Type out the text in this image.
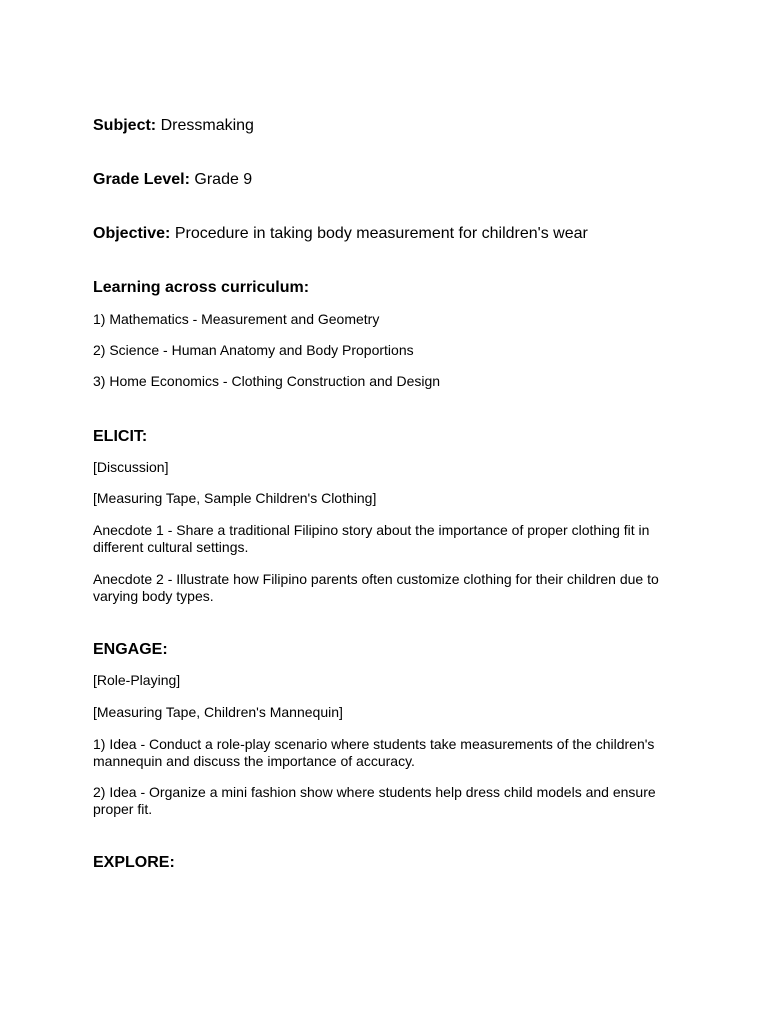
Subject: Dressmaking
Grade Level: Grade 9
Objective: Procedure in taking body measurement for children's wear
Learning across curriculum:
1) Mathematics - Measurement and Geometry
2) Science - Human Anatomy and Body Proportions
3) Home Economics - Clothing Construction and Design
ELICIT:
[Discussion]
[Measuring Tape, Sample Children's Clothing]
Anecdote 1 - Share a traditional Filipino story about the importance of proper clothing fit in different cultural settings.
Anecdote 2 - Illustrate how Filipino parents often customize clothing for their children due to varying body types.
ENGAGE:
[Role-Playing]
[Measuring Tape, Children's Mannequin]
1) Idea - Conduct a role-play scenario where students take measurements of the children's mannequin and discuss the importance of accuracy.
2) Idea - Organize a mini fashion show where students help dress child models and ensure proper fit.
EXPLORE:
